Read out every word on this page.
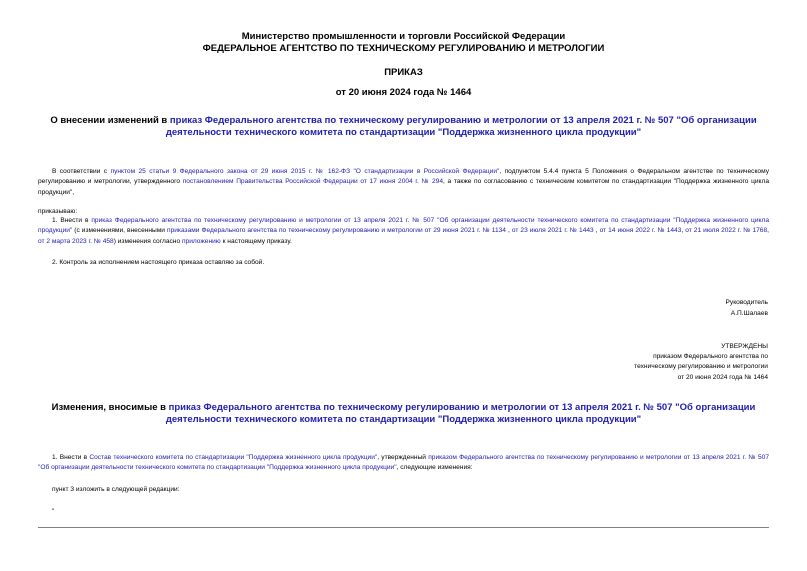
Министерство промышленности и торговли Российской Федерации
ФЕДЕРАЛЬНОЕ АГЕНТСТВО ПО ТЕХНИЧЕСКОМУ РЕГУЛИРОВАНИЮ И МЕТРОЛОГИИ
ПРИКАЗ
от 20 июня 2024 года № 1464
О внесении изменений в приказ Федерального агентства по техническому регулированию и метрологии от 13 апреля 2021 г. № 507 "Об организации деятельности технического комитета по стандартизации "Поддержка жизненного цикла продукции"
В соответствии с пунктом 25 статьи 9 Федерального закона от 29 июня 2015 г. № 162-ФЗ "О стандартизации в Российской Федерации", подпунктом 5.4.4 пункта 5 Положения о Федеральном агентстве по техническому регулированию и метрологии, утвержденного постановлением Правительства Российской Федерации от 17 июня 2004 г. № 294, а также по согласованию с техническим комитетом по стандартизации "Поддержка жизненного цикла продукции",
приказываю:
1. Внести в приказ Федерального агентства по техническому регулированию и метрологии от 13 апреля 2021 г. № 507 "Об организации деятельности технического комитета по стандартизации "Поддержка жизненного цикла продукции" (с изменениями, внесенными приказами Федерального агентства по техническому регулированию и метрологии от 29 июня 2021 г. № 1134 , от 23 июля 2021 г. № 1443 , от 14 июня 2022 г. № 1443, от 21 июля 2022 г. № 1768, от 2 марта 2023 г. № 458) изменения согласно приложению к настоящему приказу.
2. Контроль за исполнением настоящего приказа оставляю за собой.
Руководитель
А.П.Шалаев
УТВЕРЖДЕНЫ
приказом Федерального агентства по
техническому регулированию и метрологии
от 20 июня 2024 года № 1464
Изменения, вносимые в приказ Федерального агентства по техническому регулированию и метрологии от 13 апреля 2021 г. № 507 "Об организации деятельности технического комитета по стандартизации "Поддержка жизненного цикла продукции"
1. Внести в Состав технического комитета по стандартизации "Поддержка жизненного цикла продукции", утвержденный приказом Федерального агентства по техническому регулированию и метрологии от 13 апреля 2021 г. № 507 "Об организации деятельности технического комитета по стандартизации "Поддержка жизненного цикла продукции", следующие изменения:
пункт 3 изложить в следующей редакции:
"
